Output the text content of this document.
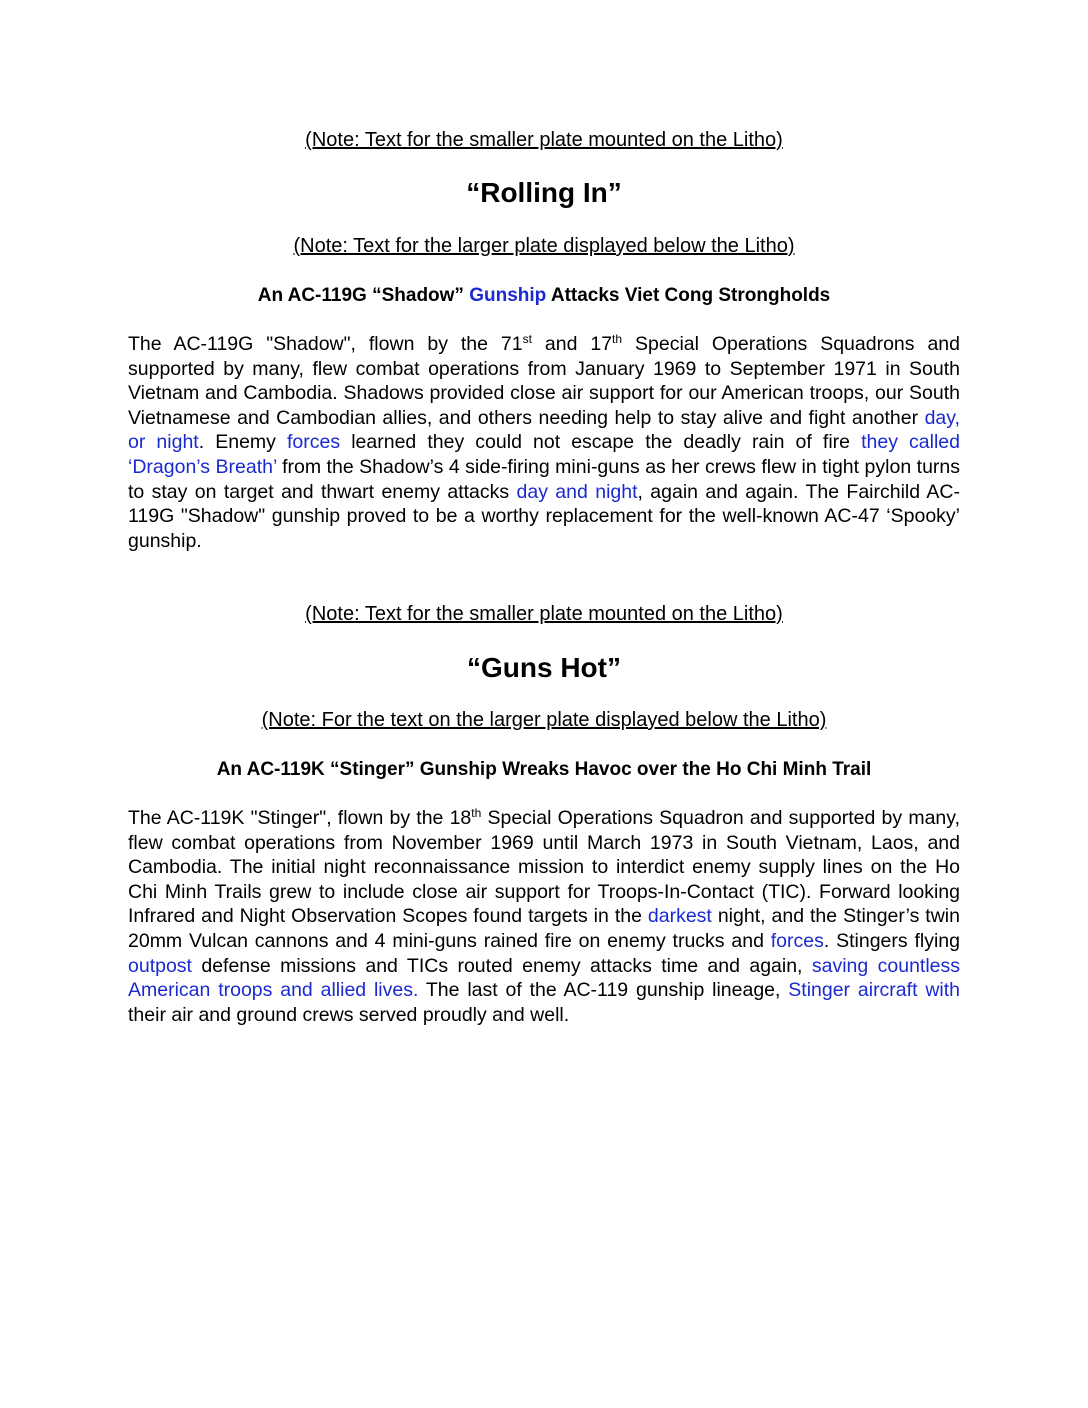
(Note: Text for the smaller plate mounted on the Litho)
“Rolling In”
(Note: Text for the larger plate displayed below the Litho)
An AC-119G “Shadow” Gunship Attacks Viet Cong Strongholds

The AC-119G "Shadow", flown by the 71st and 17th Special Operations Squadrons and supported by many, flew combat operations from January 1969 to September 1971 in South Vietnam and Cambodia. Shadows provided close air support for our American troops, our South Vietnamese and Cambodian allies, and others needing help to stay alive and fight another day, or night. Enemy forces learned they could not escape the deadly rain of fire they called ‘Dragon’s Breath’ from the Shadow’s 4 side-firing mini-guns as her crews flew in tight pylon turns to stay on target and thwart enemy attacks day and night, again and again. The Fairchild AC-119G "Shadow" gunship proved to be a worthy replacement for the well-known AC-47 ‘Spooky’ gunship.

(Note: Text for the smaller plate mounted on the Litho)
“Guns Hot”
(Note: For the text on the larger plate displayed below the Litho)
An AC-119K “Stinger” Gunship Wreaks Havoc over the Ho Chi Minh Trail

The AC-119K "Stinger", flown by the 18th Special Operations Squadron and supported by many, flew combat operations from November 1969 until March 1973 in South Vietnam, Laos, and Cambodia. The initial night reconnaissance mission to interdict enemy supply lines on the Ho Chi Minh Trails grew to include close air support for Troops-In-Contact (TIC). Forward looking Infrared and Night Observation Scopes found targets in the darkest night, and the Stinger’s twin 20mm Vulcan cannons and 4 mini-guns rained fire on enemy trucks and forces. Stingers flying outpost defense missions and TICs routed enemy attacks time and again, saving countless American troops and allied lives. The last of the AC-119 gunship lineage, Stinger aircraft with their air and ground crews served proudly and well.
